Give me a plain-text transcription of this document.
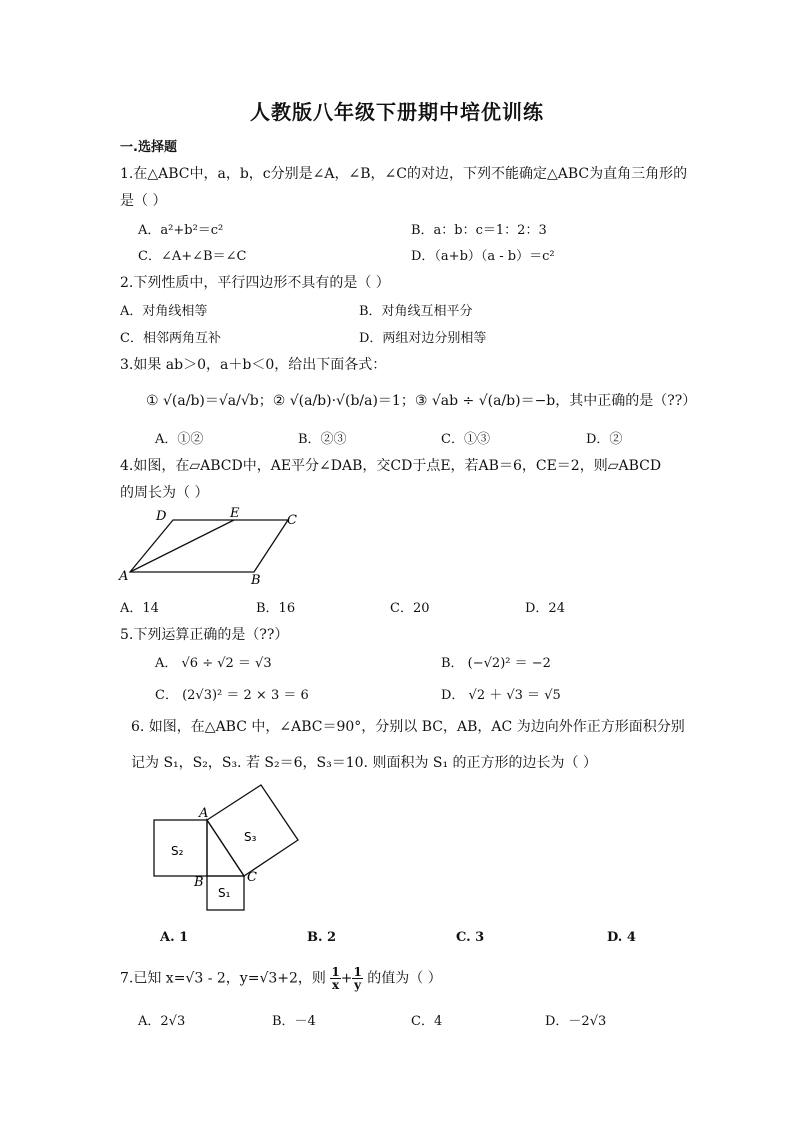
人教版八年级下册期中培优训练
一.选择题
1.在△ABC中，a，b，c分别是∠A，∠B，∠C的对边，下列不能确定△ABC为直角三角形的
是（ ）
A．a²+b²＝c²	B．a：b：c＝1：2：3
C．∠A+∠B＝∠C	D．（a+b）（a - b）＝c²
2.下列性质中，平行四边形不具有的是（ ）
A．对角线相等	B．对角线互相平分
C．相邻两角互补	D．两组对边分别相等
3.如果 ab＞0，a＋b＜0，给出下面各式：
① √(a/b)＝√a/√b；② √(a/b)·√(b/a)＝1；③ √ab ÷ √(a/b)＝−b，其中正确的是（??）
A．①②	B．②③	C．①③	D．②
4.如图，在▱ABCD中，AE平分∠DAB，交CD于点E，若AB＝6，CE＝2，则▱ABCD
的周长为（ ）
D	E	C
A	B
A．14	B．16	C．20	D．24
5.下列运算正确的是（??）
A． √6 ÷ √2 ＝ √3	B． (−√2)² ＝ −2
C． (2√3)² ＝ 2 × 3 ＝ 6	D． √2 ＋ √3 ＝ √5
6. 如图，在△ABC 中，∠ABC＝90°，分别以 BC，AB，AC 为边向外作正方形面积分别
记为 S₁，S₂，S₃. 若 S₂＝6，S₃＝10. 则面积为 S₁ 的正方形的边长为（ ）
A
B	C
S₂
S₁
S₃
A. 1	B. 2	C. 3	D. 4
7.已知 x=√3 - 2，y=√3+2，则 $\frac{1}{x} + \frac{1}{y}$ 的值为（ ）
A．2√3	B．－4	C．4	D．－2√3
